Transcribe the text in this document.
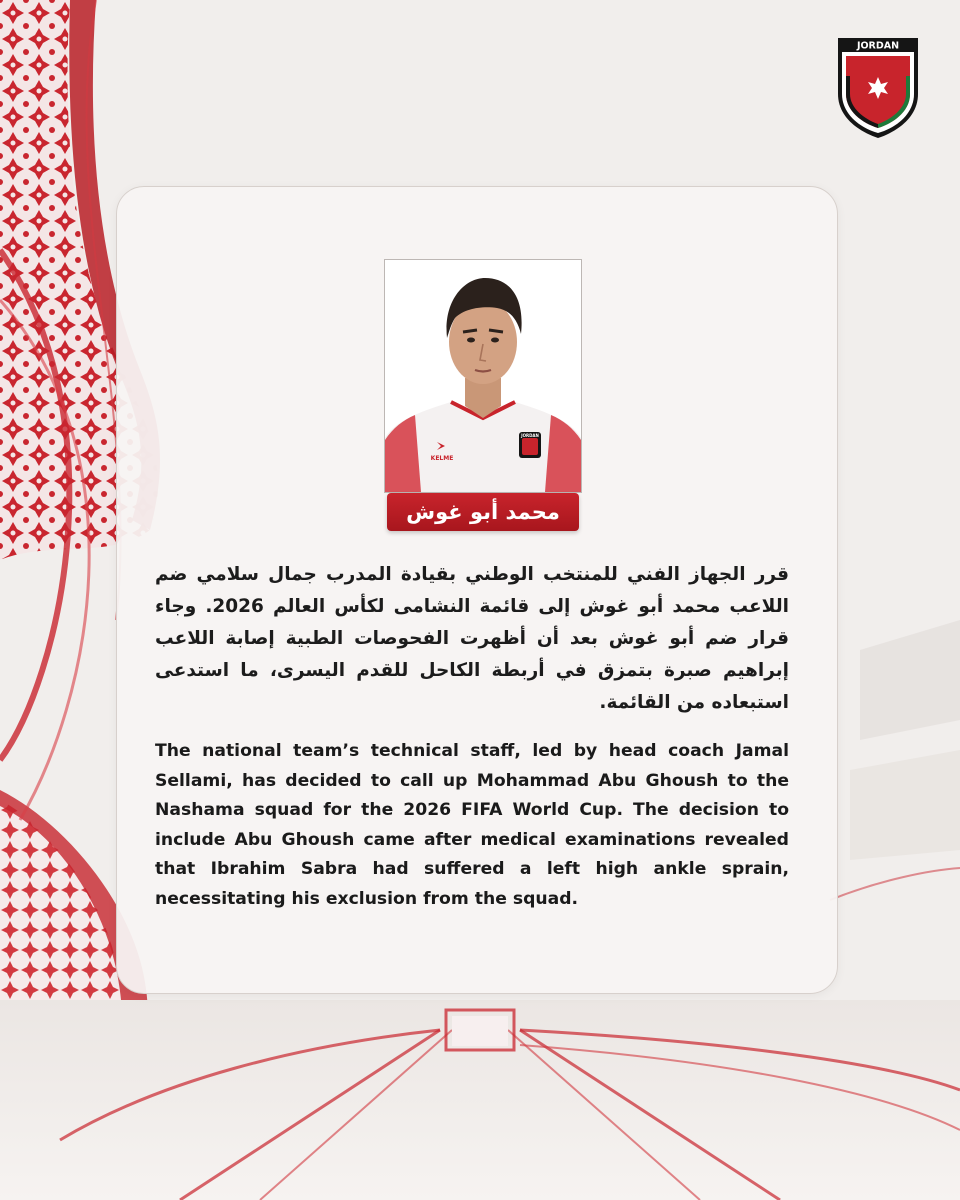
JORDAN
JORDAN
KELME
محمد أبو غوش

قرر الجهاز الفني للمنتخب الوطني بقيادة المدرب جمال سلامي ضم اللاعب محمد أبو غوش إلى قائمة النشامى لكأس العالم 2026. وجاء قرار ضم أبو غوش بعد أن أظهرت الفحوصات الطبية إصابة اللاعب إبراهيم صبرة بتمزق في أربطة الكاحل للقدم اليسرى، ما استدعى استبعاده من القائمة.

The national team’s technical staff, led by head coach Jamal Sellami, has decided to call up Mohammad Abu Ghoush to the Nashama squad for the 2026 FIFA World Cup. The decision to include Abu Ghoush came after medical examinations revealed that Ibrahim Sabra had suffered a left high ankle sprain, necessitating his exclusion from the squad.
